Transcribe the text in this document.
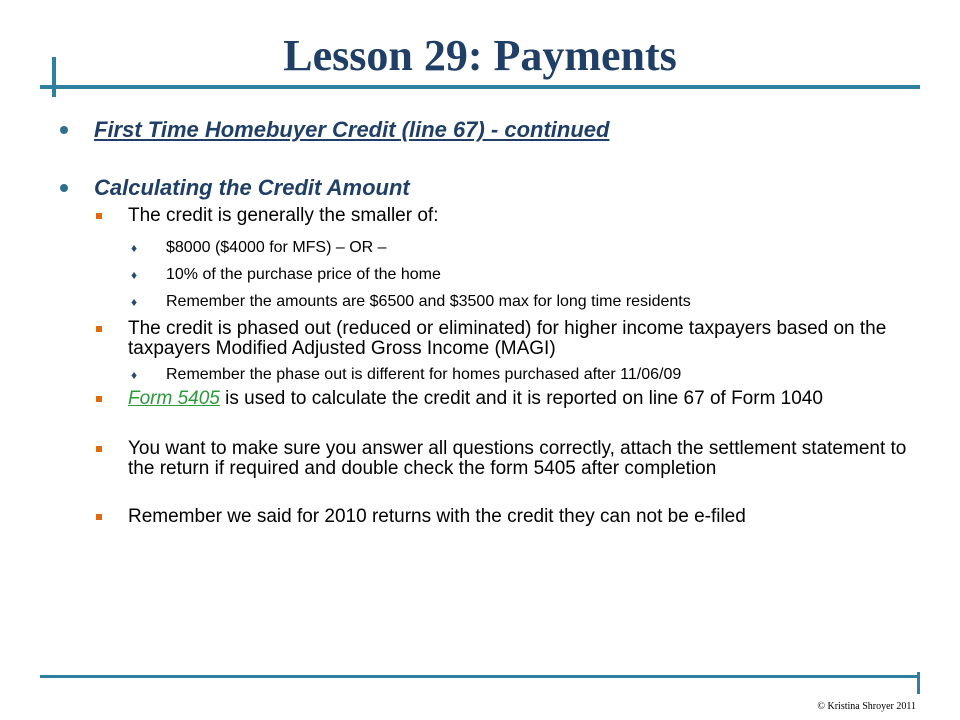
Lesson 29: Payments
First Time Homebuyer Credit (line 67) - continued
Calculating the Credit Amount
The credit is generally the smaller of:
♦ $8000 ($4000 for MFS) – OR –
♦ 10% of the purchase price of the home
♦ Remember the amounts are $6500 and $3500 max for long time residents
The credit is phased out (reduced or eliminated) for higher income taxpayers based on the taxpayers Modified Adjusted Gross Income (MAGI)
♦ Remember the phase out is different for homes purchased after 11/06/09
Form 5405 is used to calculate the credit and it is reported on line 67 of Form 1040
You want to make sure you answer all questions correctly, attach the settlement statement to the return if required and double check the form 5405 after completion
Remember we said for 2010 returns with the credit they can not be e-filed
© Kristina Shroyer 2011
